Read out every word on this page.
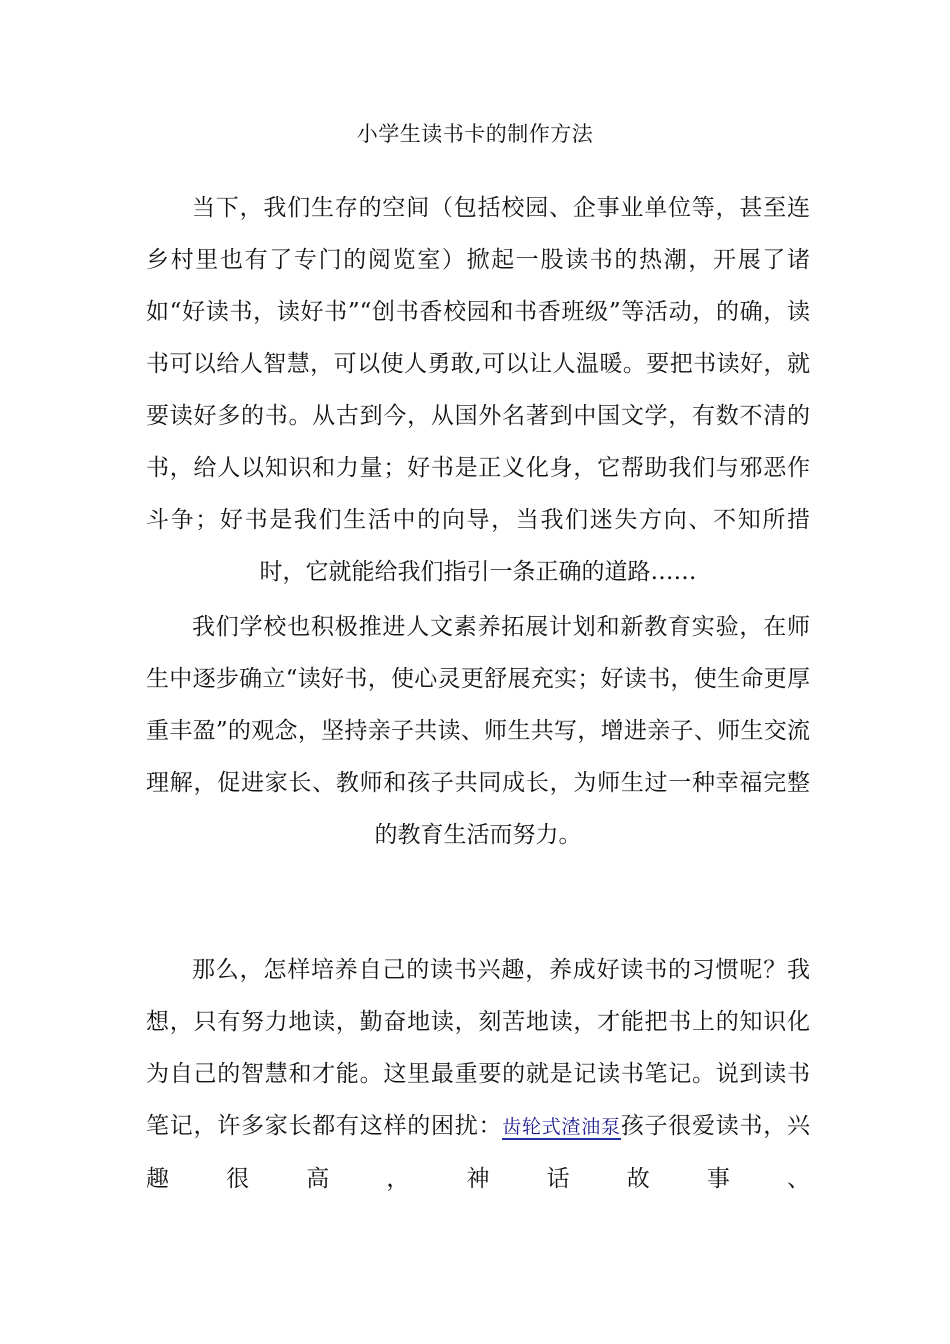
小学生读书卡的制作方法

当下，我们生存的空间（包括校园、企事业单位等，甚至连乡村里也有了专门的阅览室）掀起一股读书的热潮，开展了诸如“好读书，读好书”“创书香校园和书香班级”等活动，的确，读书可以给人智慧，可以使人勇敢,可以让人温暖。要把书读好，就要读好多的书。从古到今，从国外名著到中国文学，有数不清的书，给人以知识和力量；好书是正义化身，它帮助我们与邪恶作斗争；好书是我们生活中的向导，当我们迷失方向、不知所措时，它就能给我们指引一条正确的道路……

我们学校也积极推进人文素养拓展计划和新教育实验，在师生中逐步确立“读好书，使心灵更舒展充实；好读书，使生命更厚重丰盈”的观念，坚持亲子共读、师生共写，增进亲子、师生交流理解，促进家长、教师和孩子共同成长，为师生过一种幸福完整的教育生活而努力。

那么，怎样培养自己的读书兴趣，养成好读书的习惯呢？我想，只有努力地读，勤奋地读，刻苦地读，才能把书上的知识化为自己的智慧和才能。这里最重要的就是记读书笔记。说到读书笔记，许多家长都有这样的困扰：齿轮式渣油泵孩子很爱读书，兴趣很高，神话故事、
